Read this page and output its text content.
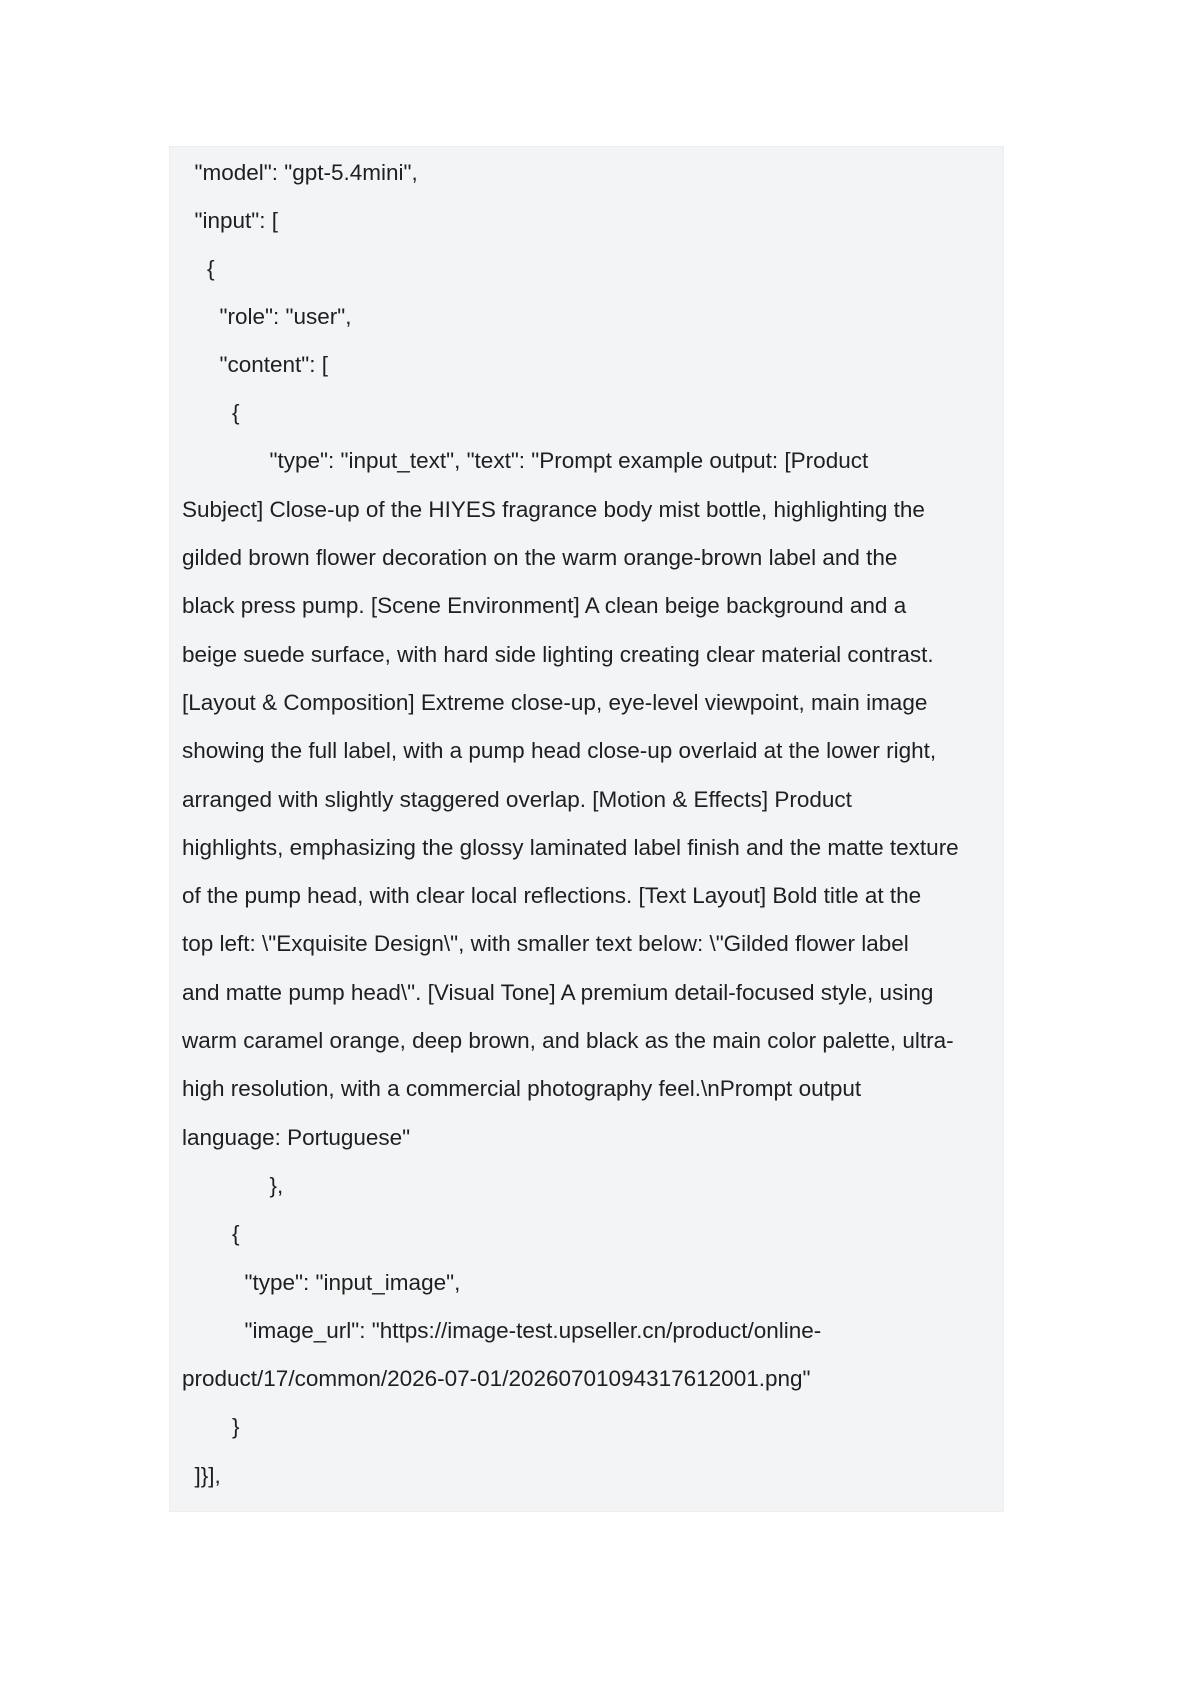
"model": "gpt-5.4mini",
"input": [
{
"role": "user",
"content": [
{
"type": "input_text", "text": "Prompt example output: [Product
Subject] Close-up of the HIYES fragrance body mist bottle, highlighting the
gilded brown flower decoration on the warm orange-brown label and the
black press pump. [Scene Environment] A clean beige background and a
beige suede surface, with hard side lighting creating clear material contrast.
[Layout & Composition] Extreme close-up, eye-level viewpoint, main image
showing the full label, with a pump head close-up overlaid at the lower right,
arranged with slightly staggered overlap. [Motion & Effects] Product
highlights, emphasizing the glossy laminated label finish and the matte texture
of the pump head, with clear local reflections. [Text Layout] Bold title at the
top left: \"Exquisite Design\", with smaller text below: \"Gilded flower label
and matte pump head\". [Visual Tone] A premium detail-focused style, using
warm caramel orange, deep brown, and black as the main color palette, ultra-
high resolution, with a commercial photography feel.\nPrompt output
language: Portuguese"
},
{
"type": "input_image",
"image_url": "https://image-test.upseller.cn/product/online-
product/17/common/2026-07-01/20260701094317612001.png"
}
]}],
